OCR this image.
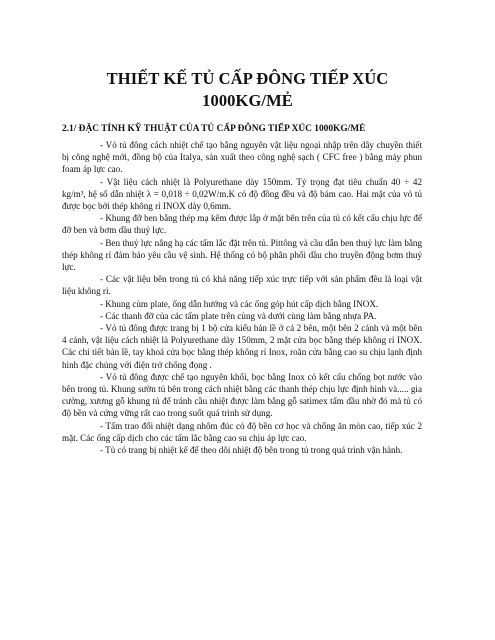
THIẾT KẾ TỦ CẤP ĐÔNG TIẾP XÚC
1000KG/MẺ
2.1/ ĐẶC TÍNH KỸ THUẬT CỦA TỦ CẤP ĐÔNG TIẾP XÚC 1000KG/MẺ

- Vỏ tủ đông cách nhiệt chế tạo bằng nguyên vật liệu ngoại nhập trên dây chuyền thiết bị công nghệ mới, đồng bộ của Italya, sản xuất theo công nghệ sạch ( CFC free ) bằng máy phun foam áp lực cao.

- Vật liệu cách nhiệt là Polyurethane dày 150mm. Tỷ trọng đạt tiêu chuẩn 40 ÷ 42 kg/m³, hệ số dẫn nhiệt λ = 0,018 ÷ 0,02W/m.K có độ đồng đều và độ bám cao. Hai mặt của vỏ tủ được bọc bởi thép không rỉ INOX dày 0,6mm.

- Khung đỡ ben bằng thép mạ kẽm được lắp ở mặt bên trên của tủ có kết cấu chịu lực để đỡ ben và bơm dầu thuỷ lực.

- Ben thuỷ lực nâng hạ các tấm lắc đặt trên tủ. Pittông và cầu dẫn ben thuỷ lực làm bằng thép không rỉ đảm bảo yêu cầu vệ sinh. Hệ thống có bộ phân phối dầu cho truyền động bơm thuỷ lực.

- Các vật liệu bên trong tủ có khả năng tiếp xúc trực tiếp với sản phẩm đều là loại vật liệu không rỉ.

- Khung cùm plate, ống dẫn hướng và các ống góp hút cấp dịch bằng INOX.

- Các thanh đỡ của các tấm plate trên cùng và dưới cùng làm bằng nhựa PA.

- Vỏ tủ đông được trang bị 1 bộ cửa kiểu bản lề ở cả 2 bên, một bên 2 cánh và một bên 4 cánh, vật liệu cách nhiệt là Polyurethane dày 150mm, 2 mặt cửa bọc bằng thép không rỉ INOX. Các chi tiết bản lề, tay khoá cửa bọc bằng thép không rỉ Inox, roăn cửa bằng cao su chịu lạnh định hình đặc chủng với điện trở chống đọng .

- Vỏ tủ đông được chế tạo nguyên khối, bọc bằng Inox có kết cấu chống bọt nước vào bên trong tủ. Khung sườn tủ bên trong cách nhiệt bằng các thanh thép chịu lực định hình và..... gia cường, xương gỗ khung tủ để tránh cầu nhiệt được làm bằng gỗ satimex tẩm dầu nhờ đó mà tủ có độ bền và cứng vững rất cao trong suốt quá trình sử dụng.

- Tấm trao đổi nhiệt dạng nhôm đúc có độ bền cơ học và chống ăn mòn cao, tiếp xúc 2 mặt. Các ống cấp dịch cho các tấm lắc bằng cao su chịu áp lực cao.

- Tủ có trang bị nhiệt kế để theo dõi nhiệt độ bên trong tủ trong quá trình vận hành.
